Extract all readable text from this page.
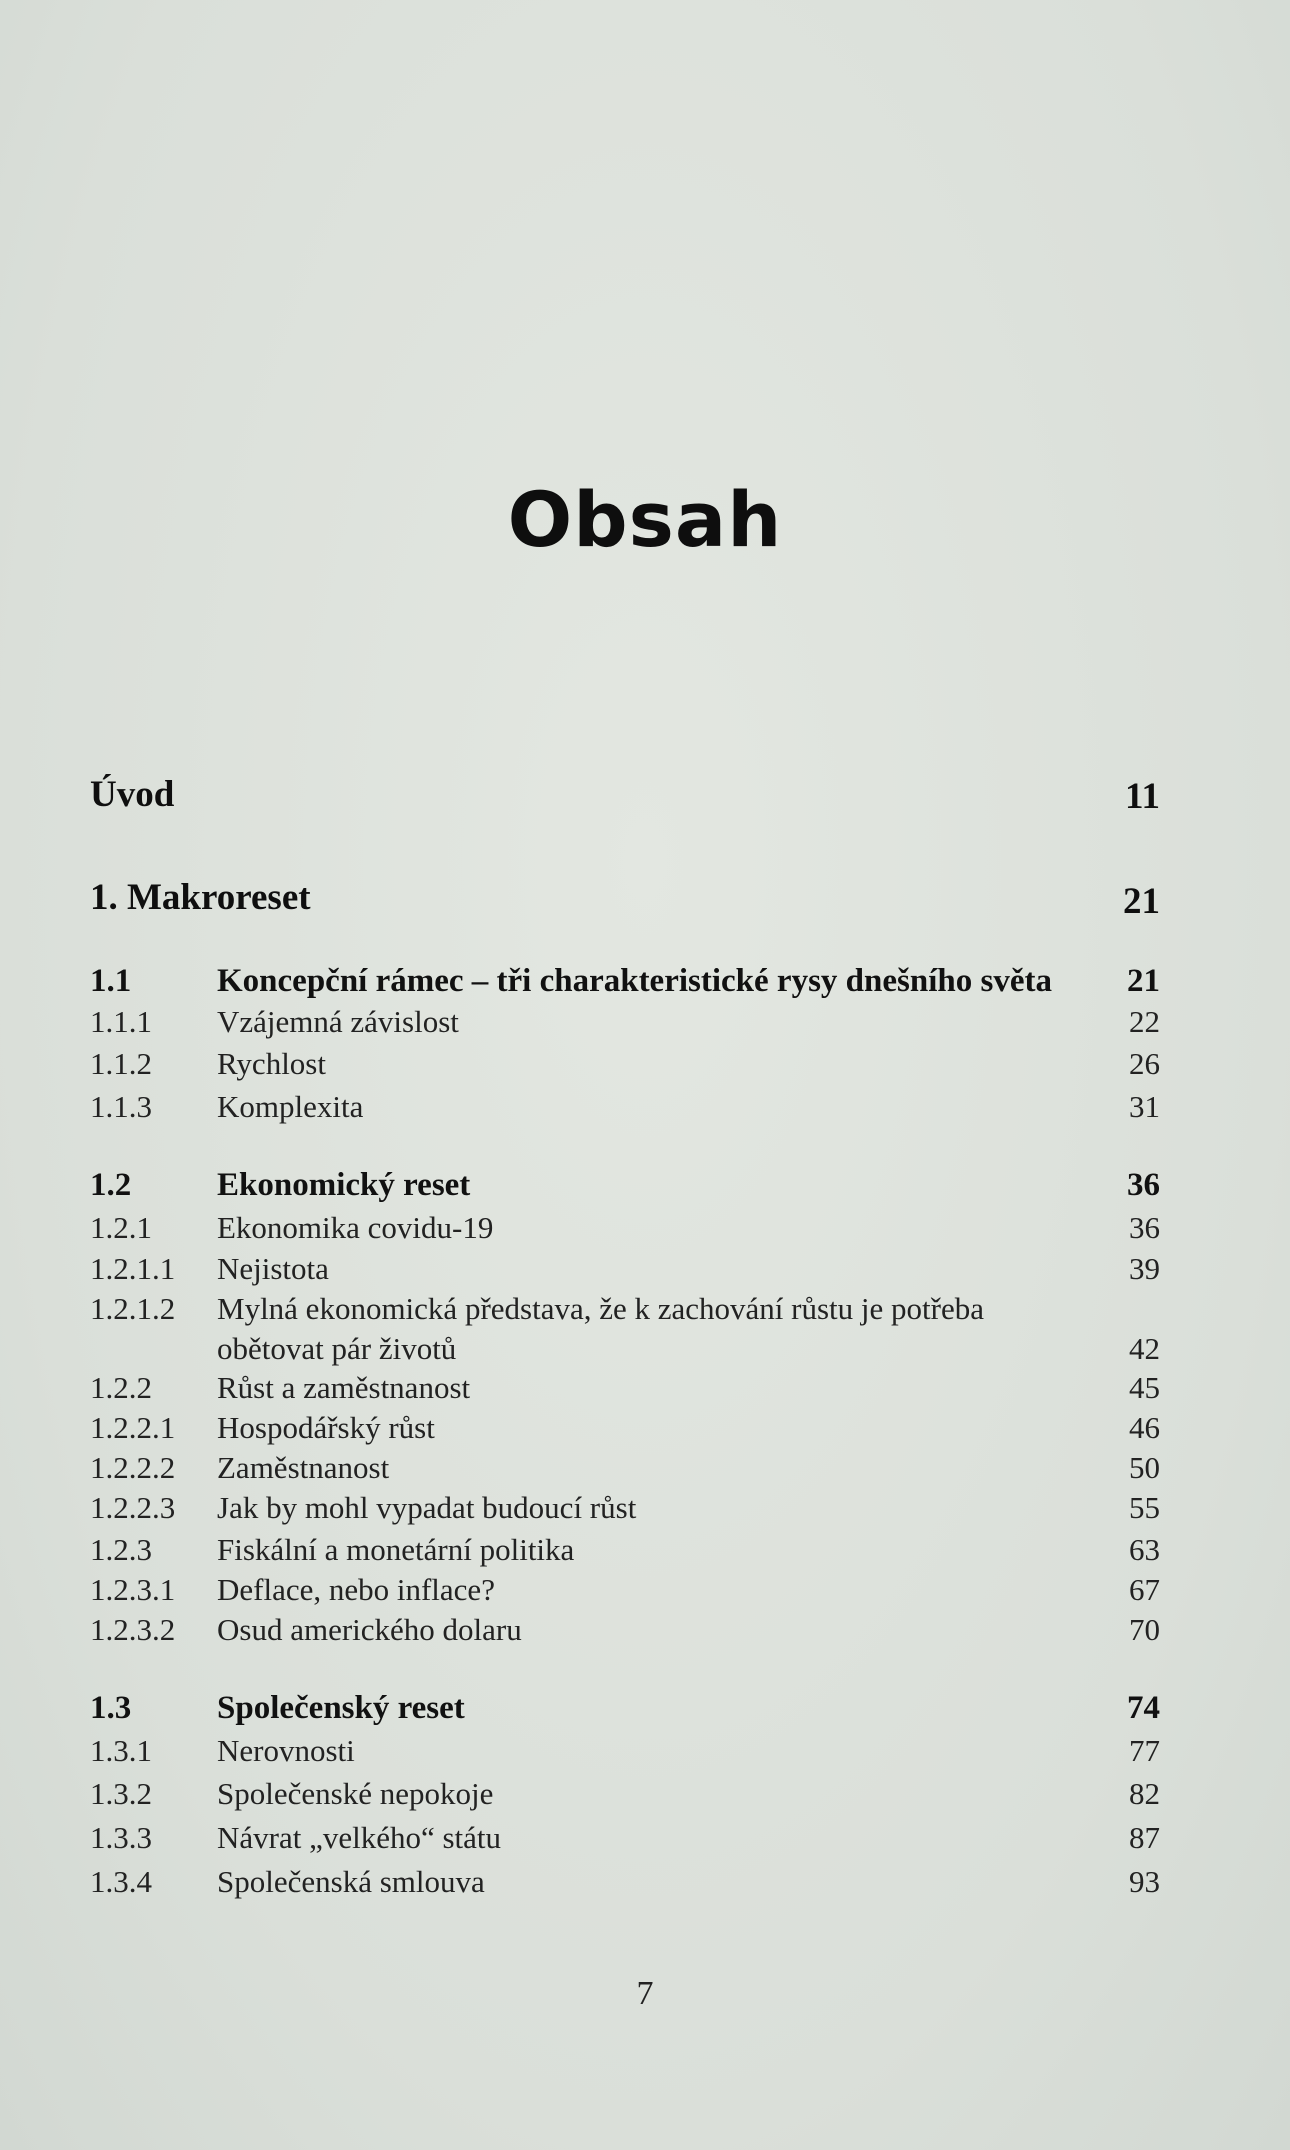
Obsah
Úvod	11
1. Makroreset	21
1.1	Koncepční rámec – tři charakteristické rysy dnešního světa 21
1.1.1 Vzájemná závislost	22
1.1.2 Rychlost	26
1.1.3 Komplexita	31
1.2	Ekonomický reset	36
1.2.1 Ekonomika covidu-19	36
1.2.1.1 Nejistota	39
1.2.1.2 Mylná ekonomická představa, že k zachování růstu je potřeba
obětovat pár životů	42
1.2.2 Růst a zaměstnanost	45
1.2.2.1 Hospodářský růst	46
1.2.2.2 Zaměstnanost	50
1.2.2.3 Jak by mohl vypadat budoucí růst	55
1.2.3 Fiskální a monetární politika	63
1.2.3.1 Deflace, nebo inflace?	67
1.2.3.2 Osud amerického dolaru	70
1.3	Společenský reset	74
1.3.1 Nerovnosti	77
1.3.2 Společenské nepokoje	82
1.3.3 Návrat „velkého“ státu	87
1.3.4 Společenská smlouva	93
7
